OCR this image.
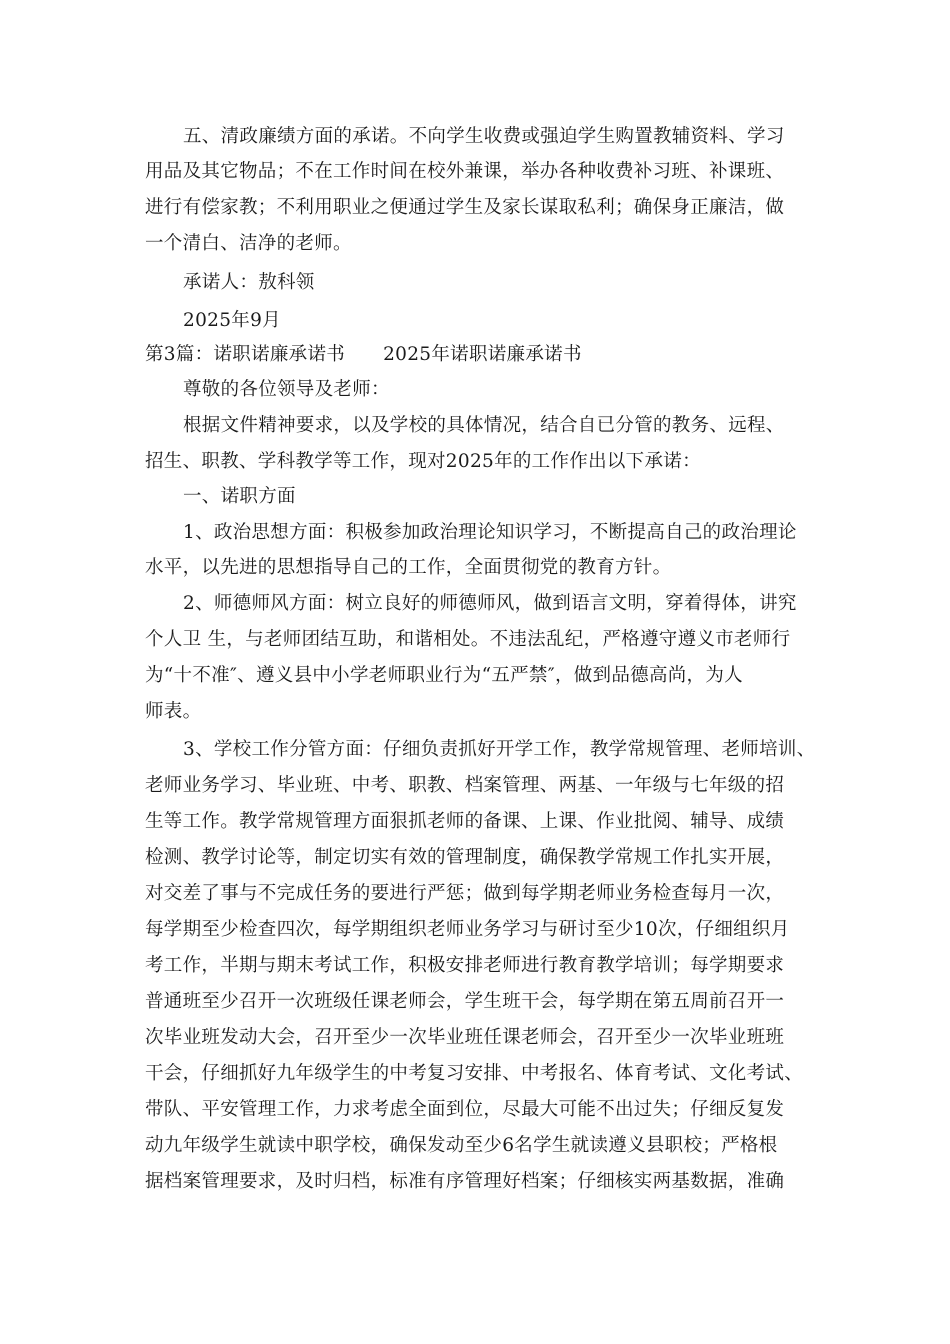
五、清政廉绩方面的承诺。不向学生收费或强迫学生购置教辅资料、学习
用品及其它物品；不在工作时间在校外兼课，举办各种收费补习班、补课班、
进行有偿家教；不利用职业之便通过学生及家长谋取私利；确保身正廉洁，做
一个清白、洁净的老师。
承诺人：敖科领
2025年9月
第3篇：诺职诺廉承诺书 2025年诺职诺廉承诺书
尊敬的各位领导及老师：
根据文件精神要求，以及学校的具体情况，结合自已分管的教务、远程、
招生、职教、学科教学等工作，现对2025年的工作作出以下承诺：
一、诺职方面
1、政治思想方面：积极参加政治理论知识学习，不断提高自己的政治理论
水平，以先进的思想指导自己的工作，全面贯彻党的教育方针。
2、师德师风方面：树立良好的师德师风，做到语言文明，穿着得体，讲究
个人卫 生，与老师团结互助，和谐相处。不违法乱纪，严格遵守遵义市老师行
为“十不准″、遵义县中小学老师职业行为“五严禁″，做到品德高尚，为人
师表。
3、学校工作分管方面：仔细负责抓好开学工作，教学常规管理、老师培训、
老师业务学习、毕业班、中考、职教、档案管理、两基、一年级与七年级的招
生等工作。教学常规管理方面狠抓老师的备课、上课、作业批阅、辅导、成绩
检测、教学讨论等，制定切实有效的管理制度，确保教学常规工作扎实开展，
对交差了事与不完成任务的要进行严惩；做到每学期老师业务检查每月一次，
每学期至少检查四次，每学期组织老师业务学习与研讨至少10次，仔细组织月
考工作，半期与期末考试工作，积极安排老师进行教育教学培训；每学期要求
普通班至少召开一次班级任课老师会，学生班干会，每学期在第五周前召开一
次毕业班发动大会，召开至少一次毕业班任课老师会，召开至少一次毕业班班
干会，仔细抓好九年级学生的中考复习安排、中考报名、体育考试、文化考试、
带队、平安管理工作，力求考虑全面到位，尽最大可能不出过失；仔细反复发
动九年级学生就读中职学校，确保发动至少6名学生就读遵义县职校；严格根
据档案管理要求，及时归档，标准有序管理好档案；仔细核实两基数据，准确
